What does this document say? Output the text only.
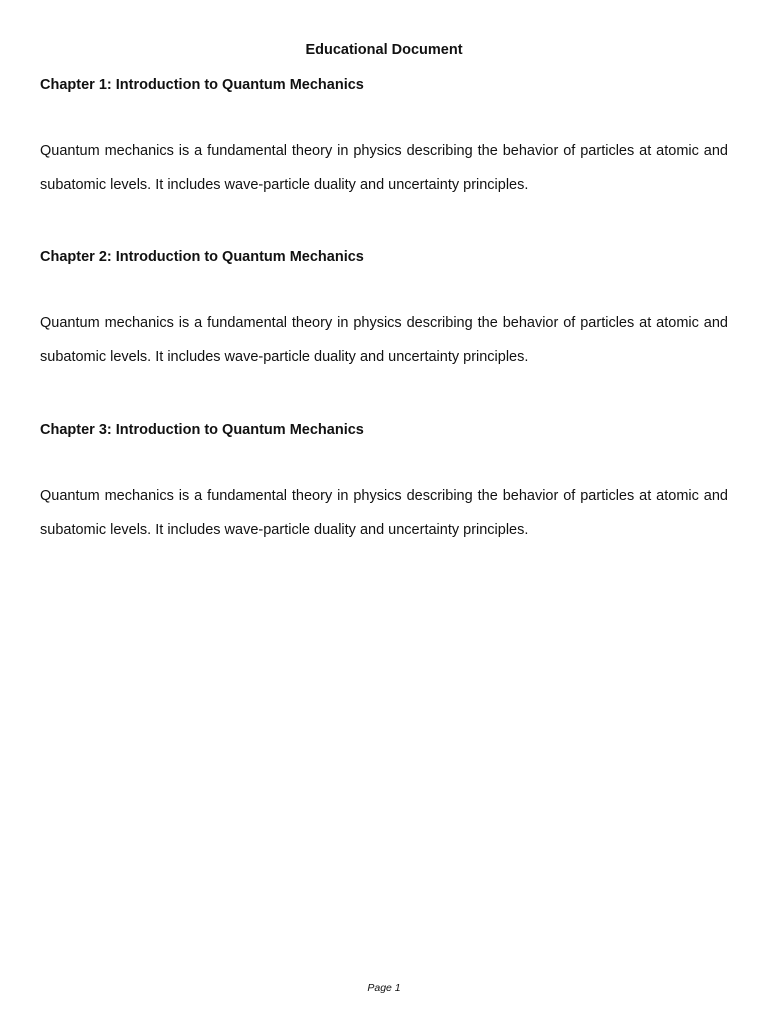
Educational Document
Chapter 1: Introduction to Quantum Mechanics

Quantum mechanics is a fundamental theory in physics describing the behavior of particles at atomic and subatomic levels. It includes wave-particle duality and uncertainty principles.

Chapter 2: Introduction to Quantum Mechanics

Quantum mechanics is a fundamental theory in physics describing the behavior of particles at atomic and subatomic levels. It includes wave-particle duality and uncertainty principles.

Chapter 3: Introduction to Quantum Mechanics

Quantum mechanics is a fundamental theory in physics describing the behavior of particles at atomic and subatomic levels. It includes wave-particle duality and uncertainty principles.

Page 1
